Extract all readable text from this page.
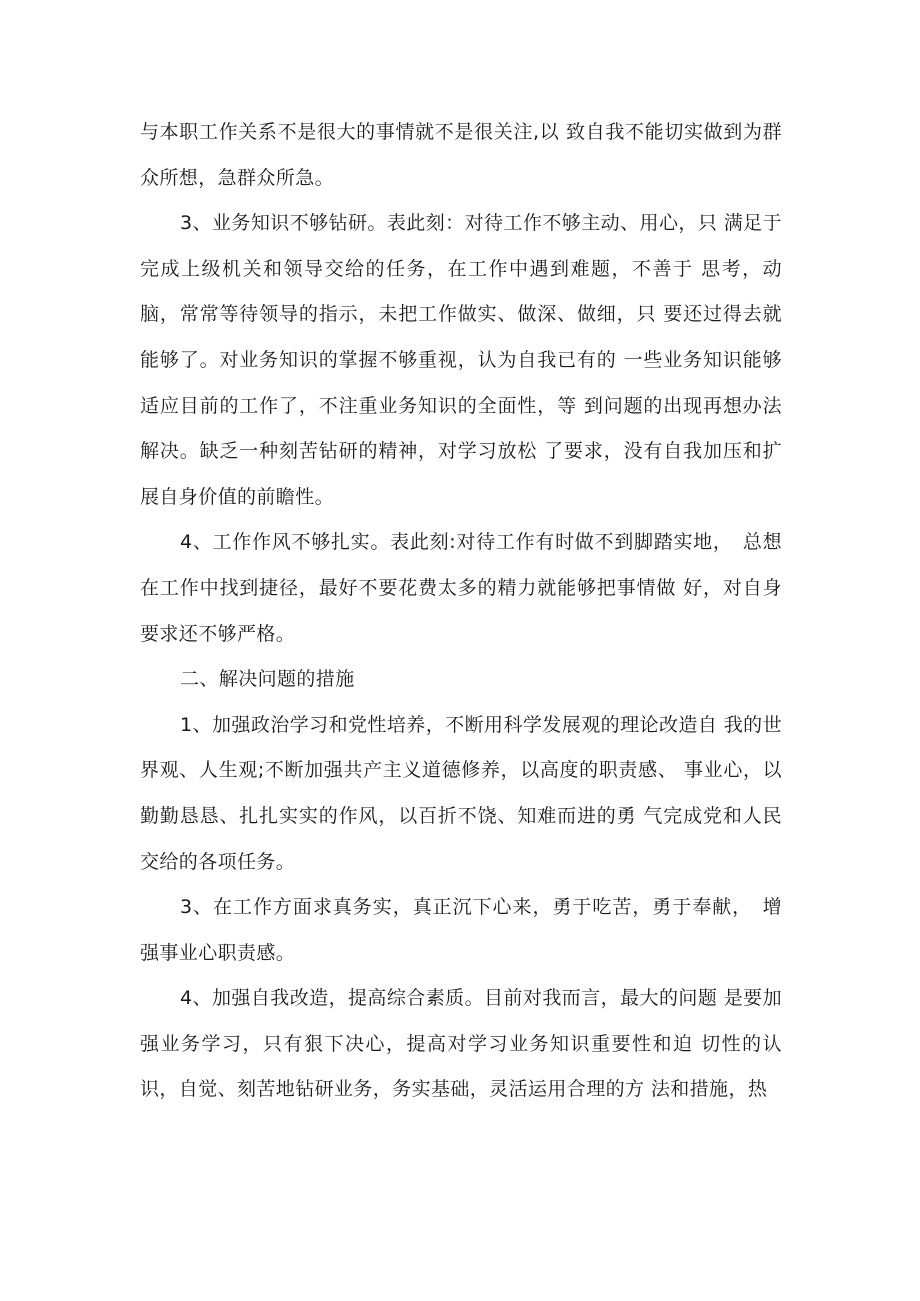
与本职工作关系不是很大的事情就不是很关注,以 致自我不能切实做到为群众所想，急群众所急。

3、业务知识不够钻研。表此刻：对待工作不够主动、用心，只 满足于完成上级机关和领导交给的任务，在工作中遇到难题，不善于 思考，动脑，常常等待领导的指示，未把工作做实、做深、做细，只 要还过得去就能够了。对业务知识的掌握不够重视，认为自我已有的 一些业务知识能够适应目前的工作了，不注重业务知识的全面性，等 到问题的出现再想办法解决。缺乏一种刻苦钻研的精神，对学习放松 了要求，没有自我加压和扩展自身价值的前瞻性。

4、工作作风不够扎实。表此刻:对待工作有时做不到脚踏实地，　总想在工作中找到捷径，最好不要花费太多的精力就能够把事情做 好，对自身要求还不够严格。

二、解决问题的措施

1、加强政治学习和党性培养，不断用科学发展观的理论改造自 我的世界观、人生观;不断加强共产主义道德修养，以高度的职责感、 事业心，以勤勤恳恳、扎扎实实的作风，以百折不饶、知难而进的勇 气完成党和人民交给的各项任务。

3、在工作方面求真务实，真正沉下心来，勇于吃苦，勇于奉献，　增强事业心职责感。

4、加强自我改造，提高综合素质。目前对我而言，最大的问题 是要加强业务学习，只有狠下决心，提高对学习业务知识重要性和迫 切性的认识，自觉、刻苦地钻研业务，务实基础，灵活运用合理的方 法和措施，热
